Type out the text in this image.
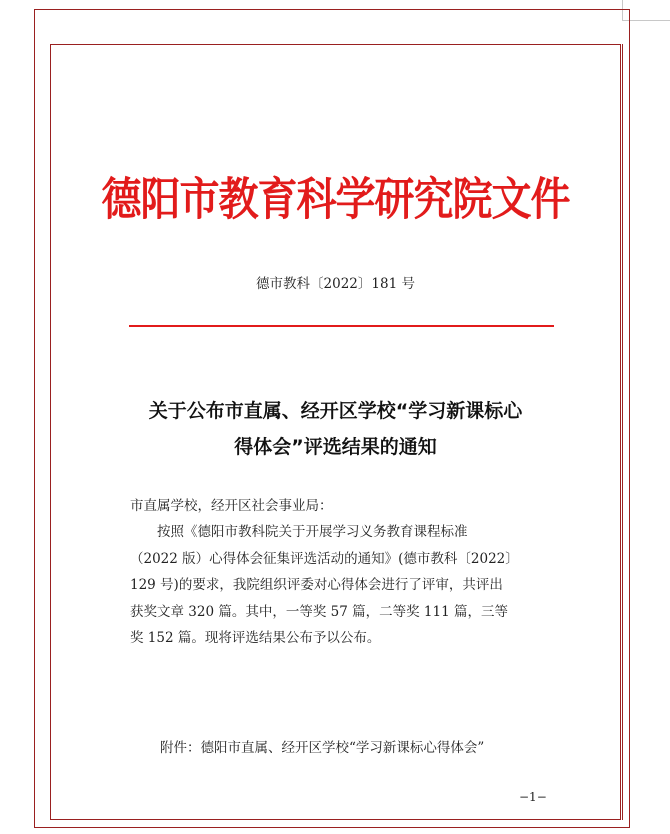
德阳市教育科学研究院文件
德市教科〔2022〕181 号
关于公布市直属、经开区学校“学习新课标心
得体会”评选结果的通知
市直属学校，经开区社会事业局：
按照《德阳市教科院关于开展学习义务教育课程标准
（2022 版）心得体会征集评选活动的通知》(德市教科〔2022〕
129 号)的要求，我院组织评委对心得体会进行了评审，共评出
获奖文章 320 篇。其中，一等奖 57 篇，二等奖 111 篇，三等
奖 152 篇。现将评选结果公布予以公布。
附件：德阳市直属、经开区学校“学习新课标心得体会”
−1−
